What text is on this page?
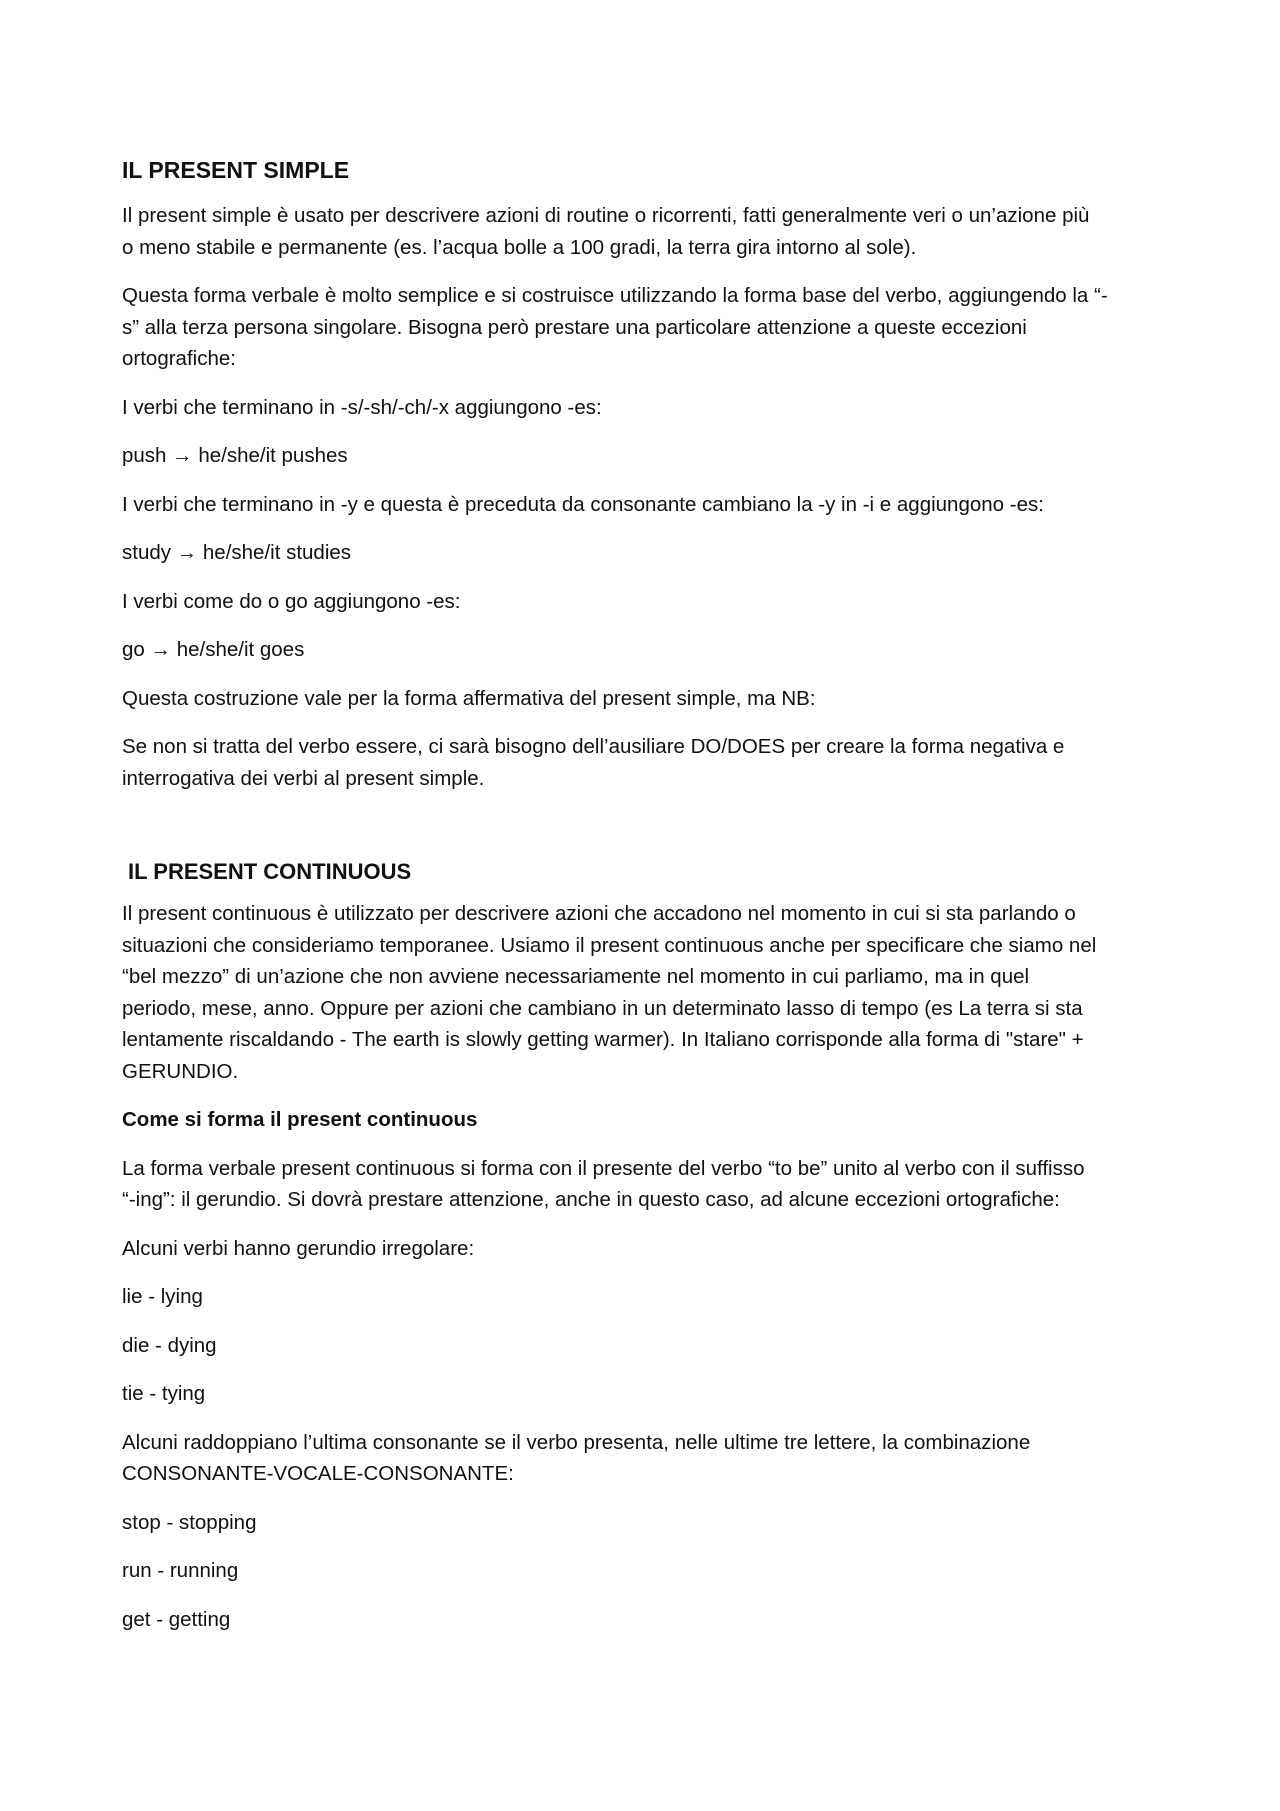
IL PRESENT SIMPLE

Il present simple è usato per descrivere azioni di routine o ricorrenti, fatti generalmente veri o un’azione più

o meno stabile e permanente (es. l’acqua bolle a 100 gradi, la terra gira intorno al sole).

Questa forma verbale è molto semplice e si costruisce utilizzando la forma base del verbo, aggiungendo la “-

s” alla terza persona singolare. Bisogna però prestare una particolare attenzione a queste eccezioni

ortografiche:

I verbi che terminano in -s/-sh/-ch/-x aggiungono -es:

push → he/she/it pushes

I verbi che terminano in -y e questa è preceduta da consonante cambiano la -y in -i e aggiungono -es:

study → he/she/it studies

I verbi come do o go aggiungono -es:

go → he/she/it goes

Questa costruzione vale per la forma affermativa del present simple, ma NB:

Se non si tratta del verbo essere, ci sarà bisogno dell’ausiliare DO/DOES per creare la forma negativa e

interrogativa dei verbi al present simple.

IL PRESENT CONTINUOUS

Il present continuous è utilizzato per descrivere azioni che accadono nel momento in cui si sta parlando o

situazioni che consideriamo temporanee. Usiamo il present continuous anche per specificare che siamo nel

“bel mezzo” di un’azione che non avviene necessariamente nel momento in cui parliamo, ma in quel

periodo, mese, anno. Oppure per azioni che cambiano in un determinato lasso di tempo (es La terra si sta

lentamente riscaldando - The earth is slowly getting warmer). In Italiano corrisponde alla forma di "stare" +

GERUNDIO.

Come si forma il present continuous

La forma verbale present continuous si forma con il presente del verbo “to be” unito al verbo con il suffisso

“-ing”: il gerundio. Si dovrà prestare attenzione, anche in questo caso, ad alcune eccezioni ortografiche:

Alcuni verbi hanno gerundio irregolare:

lie - lying

die - dying

tie - tying

Alcuni raddoppiano l’ultima consonante se il verbo presenta, nelle ultime tre lettere, la combinazione

CONSONANTE-VOCALE-CONSONANTE:

stop - stopping

run - running

get - getting
